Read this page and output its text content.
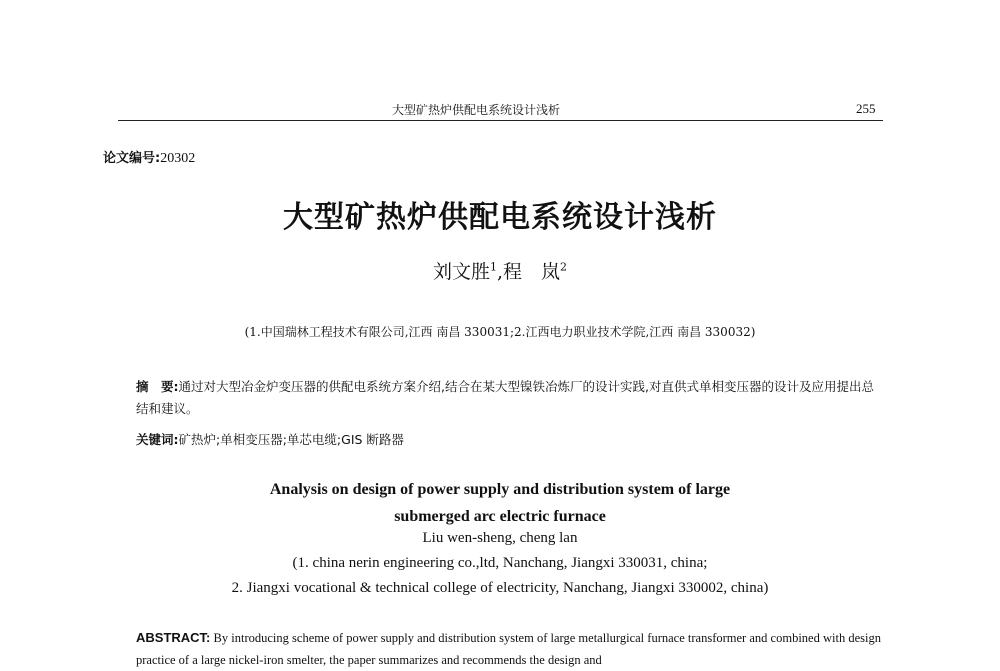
大型矿热炉供配电系统设计浅析	255
论文编号:20302
大型矿热炉供配电系统设计浅析
刘文胜$^1$,程　岚$^2$
(1.中国瑞林工程技术有限公司,江西 南昌 330031;2.江西电力职业技术学院,江西 南昌 330032)
摘　要:通过对大型冶金炉变压器的供配电系统方案介绍,结合在某大型镍铁冶炼厂的设计实践,对直供式单相变压器的设计及应用提出总结和建议。
关键词:矿热炉;单相变压器;单芯电缆;GIS 断路器
Analysis on design of power supply and distribution system of large
submerged arc electric furnace
Liu wen-sheng, cheng lan
(1. china nerin engineering co.,ltd, Nanchang, Jiangxi 330031, china;
2. Jiangxi vocational & technical college of electricity, Nanchang, Jiangxi 330002, china)
ABSTRACT: By introducing scheme of power supply and distribution system of large metallurgical furnace transformer and combined with design practice of a large nickel-iron smelter, the paper summarizes and recommends the design and
